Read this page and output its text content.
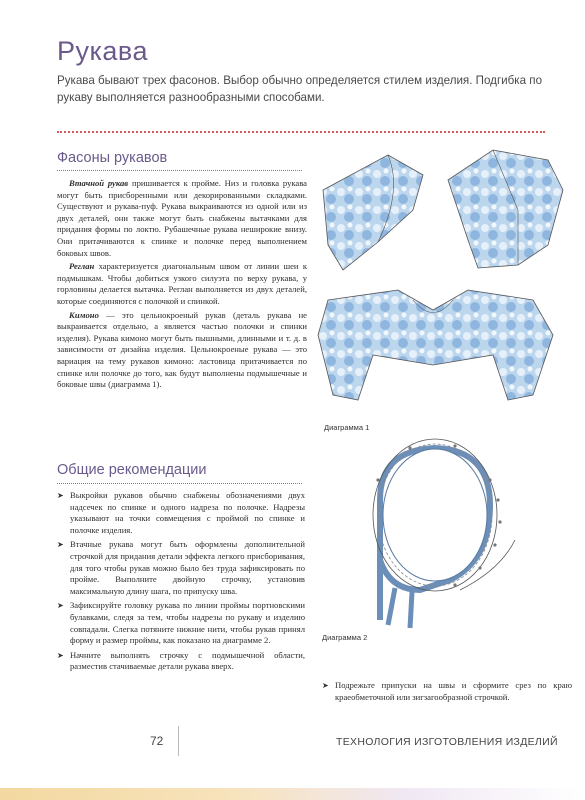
Рукава
Рукава бывают трех фасонов. Выбор обычно определяется стилем изделия. Подгибка по рукаву выполняется разнообразными способами.
Фасоны рукавов

Втачной рукав пришивается к пройме. Низ и головка рукава могут быть присборенными или декорированными складками. Существуют и рукава-пуф. Рукава выкраиваются из одной или из двух деталей, они также могут быть снабжены вытачками для придания формы по локтю. Рубашечные рукава неширокие внизу. Они притачиваются к спинке и полочке перед выполнением боковых швов.

Реглан характеризуется диагональным швом от линии шеи к подмышкам. Чтобы добиться узкого силуэта по верху рукава, у горловины делается вытачка. Реглан выполняется из двух деталей, которые соединяются с полочкой и спинкой.

Кимоно — это цельнокроеный рукав (деталь рукава не выкраивается отдельно, а является частью полочки и спинки изделия). Рукава кимоно могут быть пышными, длинными и т. д. в зависимости от дизайна изделия. Цельнокроеные рукава — это вариация на тему рукавов кимоно: ластовица притачивается по спинке или полочке до того, как будут выполнены подмышечные и боковые швы (диаграмма 1).

Общие рекомендации
➤ Выкройки рукавов обычно снабжены обозначениями двух надсечек по спинке и одного надреза по полочке. Надрезы указывают на точки совмещения с проймой по спинке и полочке изделия.
➤ Втачные рукава могут быть оформлены дополнительной строчкой для придания детали эффекта легкого присборивания, для того чтобы рукав можно было без труда зафиксировать по пройме. Выполните двойную строчку, установив максимальную длину шага, по припуску шва.
➤ Зафиксируйте головку рукава по линии проймы портновскими булавками, следя за тем, чтобы надрезы по рукаву и изделию совпадали. Слегка потяните нижние нити, чтобы рукав принял форму и размер проймы, как показано на диаграмме 2.
➤ Начните выполнять строчку с подмышечной области, разместив стачиваемые детали рукава вверх.
Диаграмма 1
Диаграмма 2
➤ Подрежьте припуски на швы и сформите срез по краю краеобметочной или зигзагообразной строчкой.
72	ТЕХНОЛОГИЯ ИЗГОТОВЛЕНИЯ ИЗДЕЛИЙ
